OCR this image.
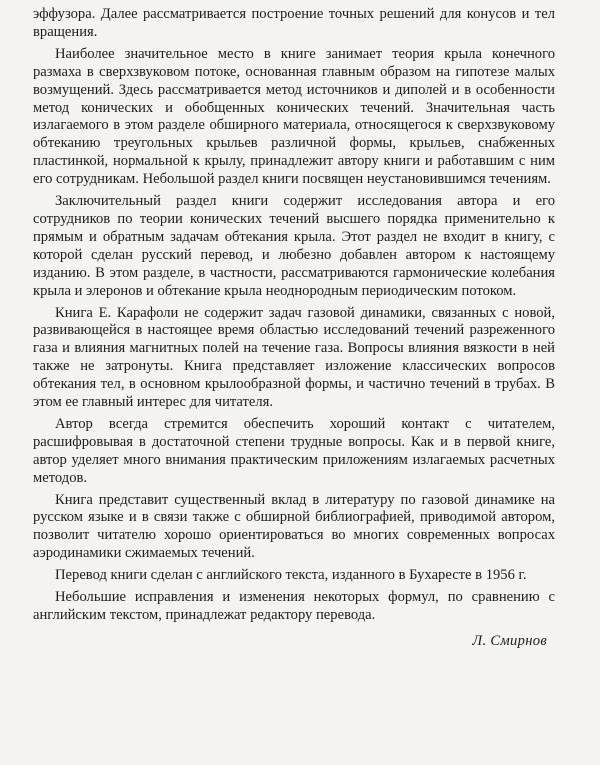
эффузора. Далее рассматривается построение точных решений для конусов и тел вращения.

Наиболее значительное место в книге занимает теория крыла конечного размаха в сверхзвуковом потоке, основанная главным образом на гипотезе малых возмущений. Здесь рассматривается метод источников и диполей и в особенности метод конических и обобщенных конических течений. Значительная часть излагаемого в этом разделе обширного материала, относящегося к сверхзвуковому обтеканию треугольных крыльев различной формы, крыльев, снабженных пластинкой, нормальной к крылу, принадлежит автору книги и работавшим с ним его сотрудникам. Небольшой раздел книги посвящен неустановившимся течениям.

Заключительный раздел книги содержит исследования автора и его сотрудников по теории конических течений высшего порядка применительно к прямым и обратным задачам обтекания крыла. Этот раздел не входит в книгу, с которой сделан русский перевод, и любезно добавлен автором к настоящему изданию. В этом разделе, в частности, рассматриваются гармонические колебания крыла и элеронов и обтекание крыла неоднородным периодическим потоком.

Книга Е. Карафоли не содержит задач газовой динамики, связанных с новой, развивающейся в настоящее время областью исследований течений разреженного газа и влияния магнитных полей на течение газа. Вопросы влияния вязкости в ней также не затронуты. Книга представляет изложение классических вопросов обтекания тел, в основном крылообразной формы, и частично течений в трубах. В этом ее главный интерес для читателя.

Автор всегда стремится обеспечить хороший контакт с читателем, расшифровывая в достаточной степени трудные вопросы. Как и в первой книге, автор уделяет много внимания практическим приложениям излагаемых расчетных методов.

Книга представит существенный вклад в литературу по газовой динамике на русском языке и в связи также с обширной библиографией, приводимой автором, позволит читателю хорошо ориентироваться во многих современных вопросах аэродинамики сжимаемых течений.

Перевод книги сделан с английского текста, изданного в Бухаресте в 1956 г.

Небольшие исправления и изменения некоторых формул, по сравнению с английским текстом, принадлежат редактору перевода.

Л. Смирнов
